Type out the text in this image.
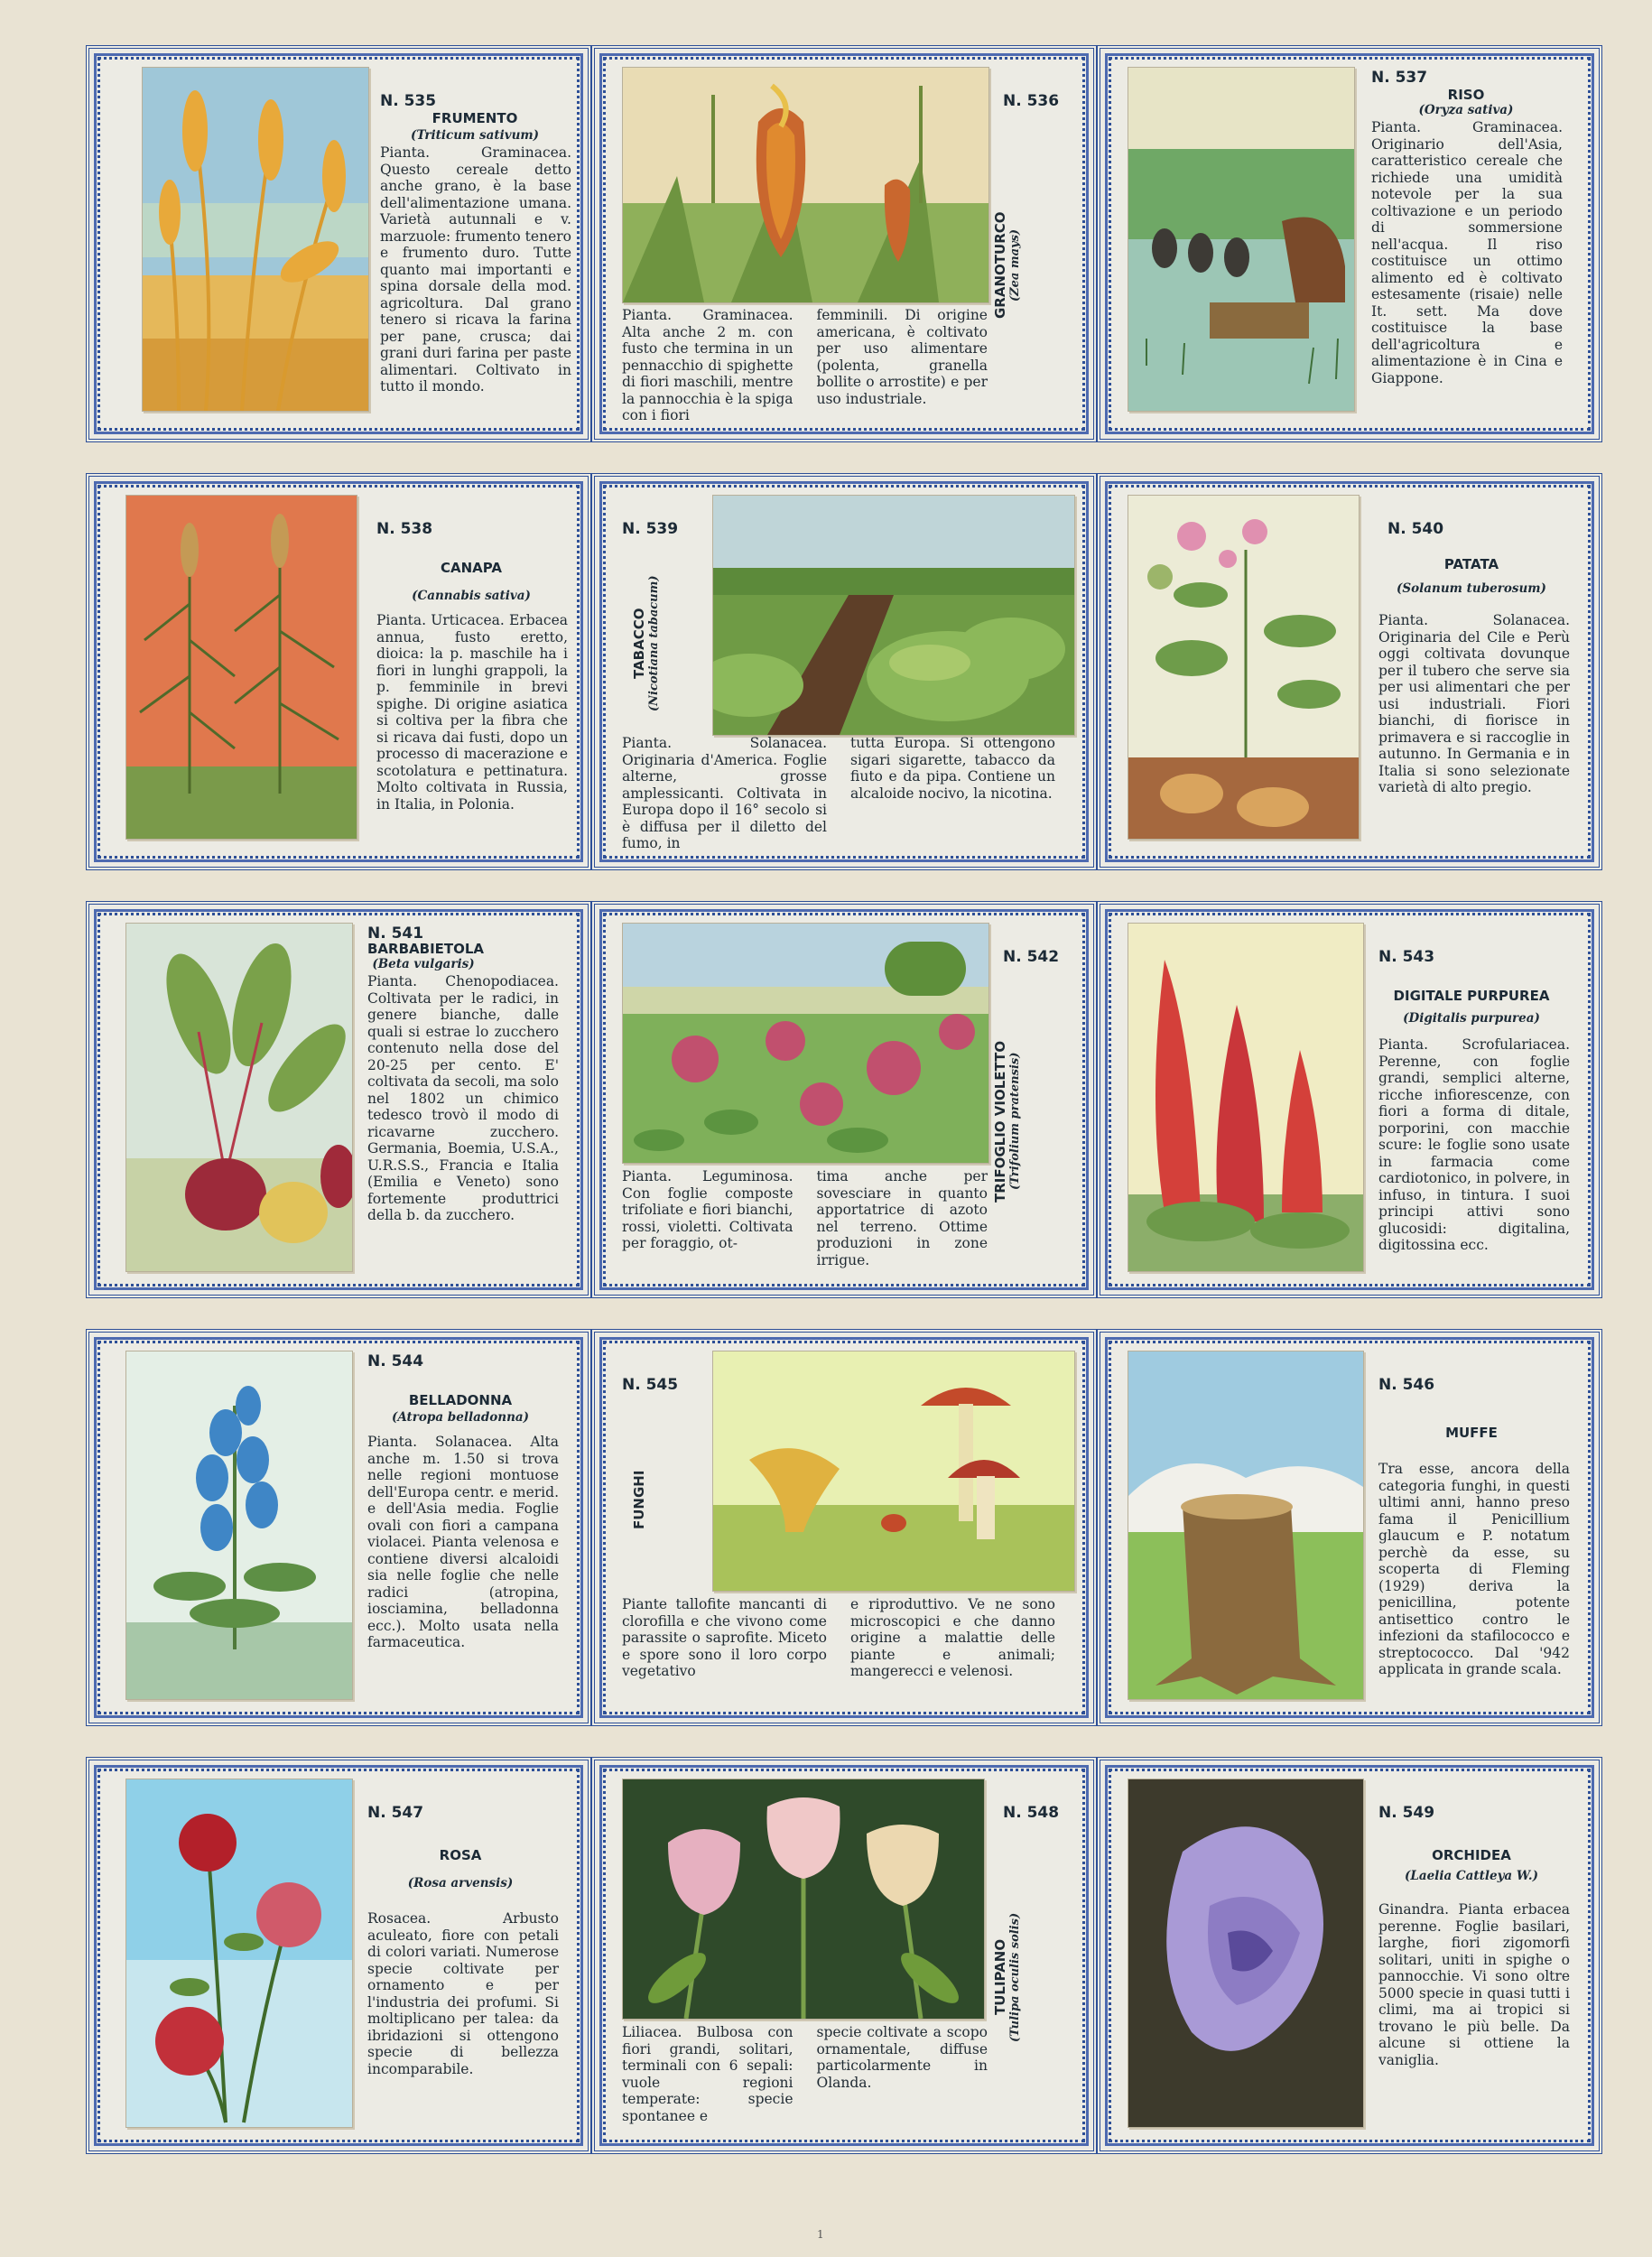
N. 535
FRUMENTO
(Triticum sativum)
Pianta. Graminacea. Questo cereale detto anche grano, è la base dell'alimentazione umana. Varietà autunnali e v. marzuole: frumento tenero e frumento duro. Tutte quanto mai importanti e spina dorsale della mod. agricoltura. Dal grano tenero si ricava la farina per pane, crusca; dai grani duri farina per paste alimentari. Coltivato in tutto il mondo.
GRANOTURCO (Zea mays)
N. 536
Pianta. Graminacea. Alta anche 2 m. con fusto che termina in un pennacchio di spighette di fiori maschili, mentre la pannocchia è la spiga con i fiori
femminili. Di origine americana, è coltivato per uso alimentare (polenta, granella bollite o arrostite) e per uso industriale.
N. 537
RISO
(Oryza sativa)
Pianta. Graminacea. Originario dell'Asia, caratteristico cereale che richiede una umidità notevole per la sua coltivazione e un periodo di sommersione nell'acqua. Il riso costituisce un ottimo alimento ed è coltivato estesamente (risaie) nelle It. sett. Ma dove costituisce la base dell'agricoltura e alimentazione è in Cina e Giappone.
N. 538
CANAPA
(Cannabis sativa)
Pianta. Urticacea. Erbacea annua, fusto eretto, dioica: la p. maschile ha i fiori in lunghi grappoli, la p. femminile in brevi spighe. Di origine asiatica si coltiva per la fibra che si ricava dai fusti, dopo un processo di macerazione e scotolatura e pettinatura. Molto coltivata in Russia, in Italia, in Polonia.
N. 539
TABACCO (Nicotiana tabacum)
Pianta. Solanacea. Originaria d'America. Foglie alterne, grosse amplessicanti. Coltivata in Europa dopo il 16° secolo si è diffusa per il diletto del fumo, in
tutta Europa. Si ottengono sigari sigarette, tabacco da fiuto e da pipa. Contiene un alcaloide nocivo, la nicotina.
N. 540
PATATA
(Solanum tuberosum)
Pianta. Solanacea. Originaria del Cile e Perù oggi coltivata dovunque per il tubero che serve sia per usi alimentari che per usi industriali. Fiori bianchi, di fiorisce in primavera e si raccoglie in autunno. In Germania e in Italia si sono selezionate varietà di alto pregio.
N. 541
BARBABIETOLA
(Beta vulgaris)
Pianta. Chenopodiacea. Coltivata per le radici, in genere bianche, dalle quali si estrae lo zucchero contenuto nella dose del 20-25 per cento. E' coltivata da secoli, ma solo nel 1802 un chimico tedesco trovò il modo di ricavarne zucchero. Germania, Boemia, U.S.A., U.R.S.S., Francia e Italia (Emilia e Veneto) sono fortemente produttrici della b. da zucchero.
N. 542
TRIFOGLIO VIOLETTO (Trifolium pratensis)
Pianta. Leguminosa. Con foglie composte trifoliate e fiori bianchi, rossi, violetti. Coltivata per foraggio, ot-
tima anche per sovesciare in quanto apportatrice di azoto nel terreno. Ottime produzioni in zone irrigue.
N. 543
DIGITALE PURPUREA
(Digitalis purpurea)
Pianta. Scrofulariacea. Perenne, con foglie grandi, semplici alterne, ricche infiorescenze, con fiori a forma di ditale, porporini, con macchie scure: le foglie sono usate in farmacia come cardiotonico, in polvere, in infuso, in tintura. I suoi principi attivi sono glucosidi: digitalina, digitossina ecc.
N. 544
BELLADONNA
(Atropa belladonna)
Pianta. Solanacea. Alta anche m. 1.50 si trova nelle regioni montuose dell'Europa centr. e merid. e dell'Asia media. Foglie ovali con fiori a campana violacei. Pianta velenosa e contiene diversi alcaloidi sia nelle foglie che nelle radici (atropina, iosciamina, belladonna ecc.). Molto usata nella farmaceutica.
N. 545
FUNGHI
Piante tallofite mancanti di clorofilla e che vivono come parassite o saprofite. Miceto e spore sono il loro corpo vegetativo
e riproduttivo. Ve ne sono microscopici e che danno origine a malattie delle piante e animali; mangerecci e velenosi.
N. 546
MUFFE
Tra esse, ancora della categoria funghi, in questi ultimi anni, hanno preso fama il Penicillium glaucum e P. notatum perchè da esse, su scoperta di Fleming (1929) deriva la penicillina, potente antisettico contro le infezioni da stafilococco e streptococco. Dal '942 applicata in grande scala.
N. 547
ROSA
(Rosa arvensis)
Rosacea. Arbusto aculeato, fiore con petali di colori variati. Numerose specie coltivate per ornamento e per l'industria dei profumi. Si moltiplicano per talea: da ibridazioni si ottengono specie di bellezza incomparabile.
N. 548
TULIPANO (Tulipa oculis solis)
Liliacea. Bulbosa con fiori grandi, solitari, terminali con 6 sepali: vuole regioni temperate: specie spontanee e
specie coltivate a scopo ornamentale, diffuse particolarmente in Olanda.
N. 549
ORCHIDEA
(Laelia Cattleya W.)
Ginandra. Pianta erbacea perenne. Foglie basilari, larghe, fiori zigomorfi solitari, uniti in spighe o pannocchie. Vi sono oltre 5000 specie in quasi tutti i climi, ma ai tropici si trovano le più belle. Da alcune si ottiene la vaniglia.
1
